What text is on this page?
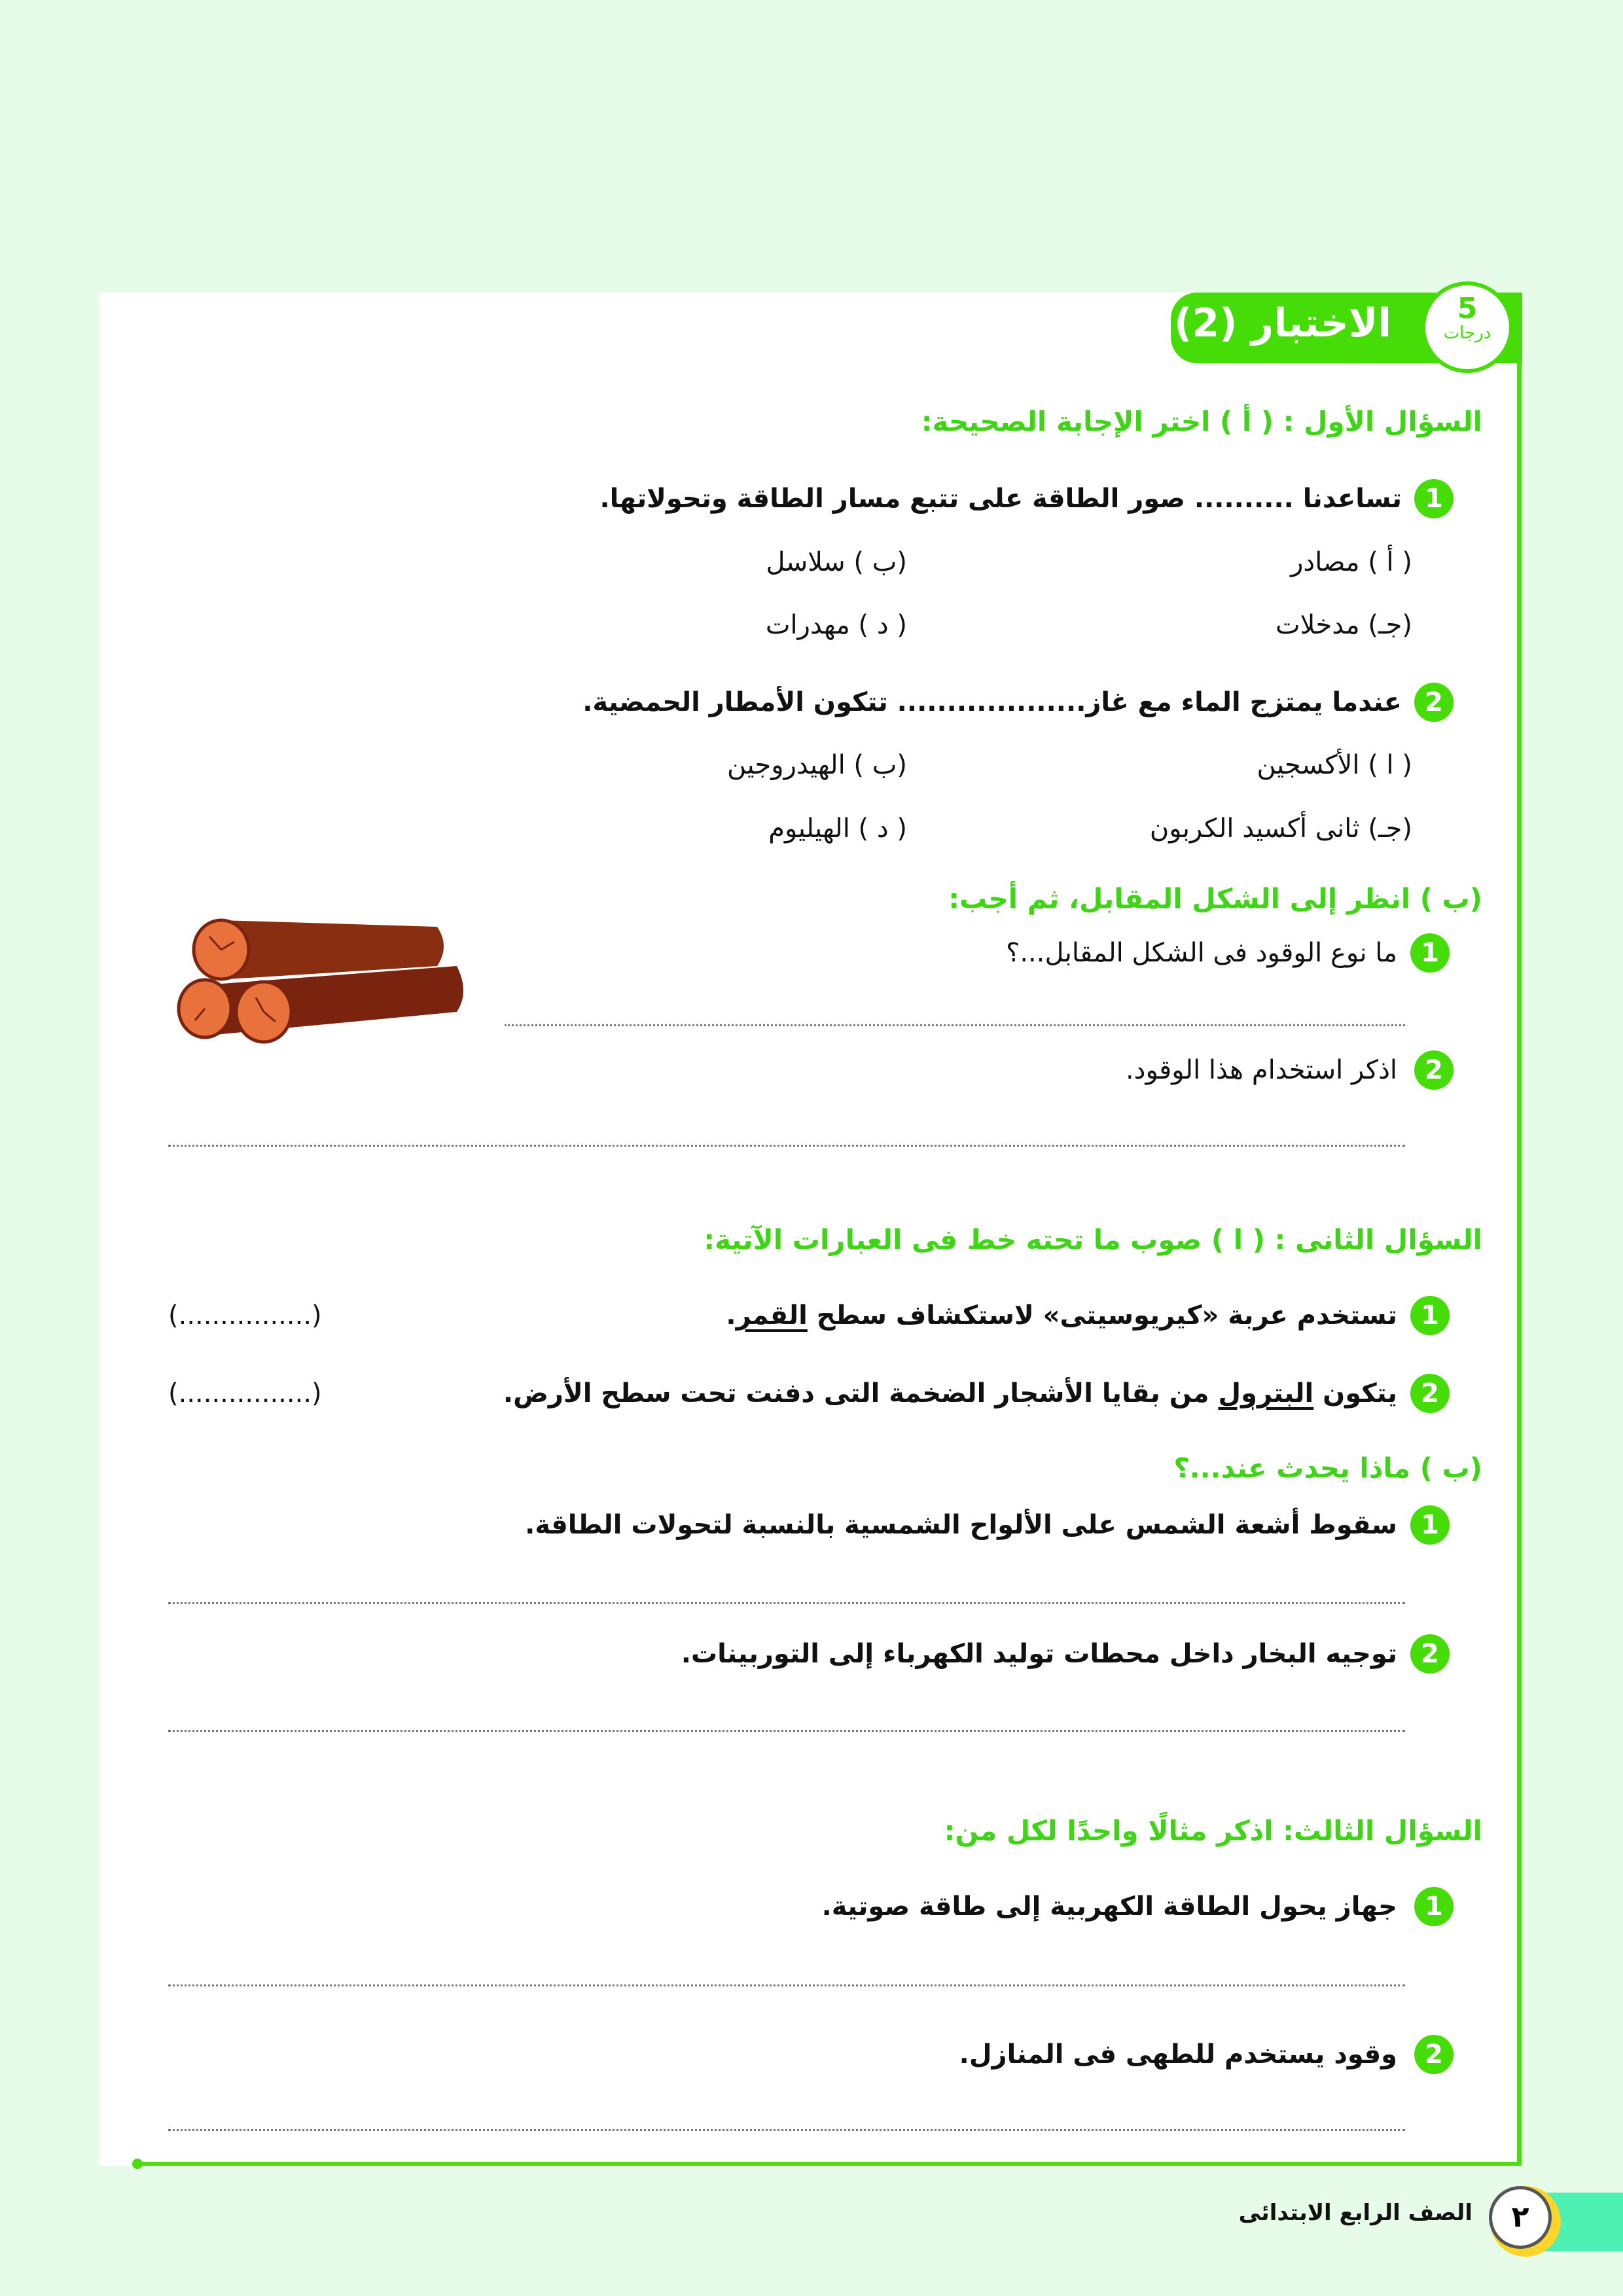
الاختبار (2)	5
درجات
السؤال الأول : ( أ ) اختر الإجابة الصحيحة:
1
تساعدنا .......... صور الطاقة على تتبع مسار الطاقة وتحولاتها.
( أ ) مصادر
(ب ) سلاسل
(جـ) مدخلات
( د ) مهدرات
2
عندما يمتزج الماء مع غاز................... تتكون الأمطار الحمضية.
( ا ) الأكسجين
(ب ) الهيدروجين
(جـ) ثانى أكسيد الكربون
( د ) الهيليوم
(ب ) انظر إلى الشكل المقابل، ثم أجب:
1
ما نوع الوقود فى الشكل المقابل...؟
2
اذكر استخدام هذا الوقود.
السؤال الثانى : ( ا ) صوب ما تحته خط فى العبارات الآتية:
1
تستخدم عربة «كيريوسيتى» لاستكشاف سطح القمر.
(................)
2
يتكون البترول من بقايا الأشجار الضخمة التى دفنت تحت سطح الأرض.
(................)
(ب ) ماذا يحدث عند...؟
1
سقوط أشعة الشمس على الألواح الشمسية بالنسبة لتحولات الطاقة.
2
توجيه البخار داخل محطات توليد الكهرباء إلى التوربينات.
السؤال الثالث: اذكر مثالًا واحدًا لكل من:
1
جهاز يحول الطاقة الكهربية إلى طاقة صوتية.
2
وقود يستخدم للطهى فى المنازل.
٢
الصف الرابع الابتدائى
